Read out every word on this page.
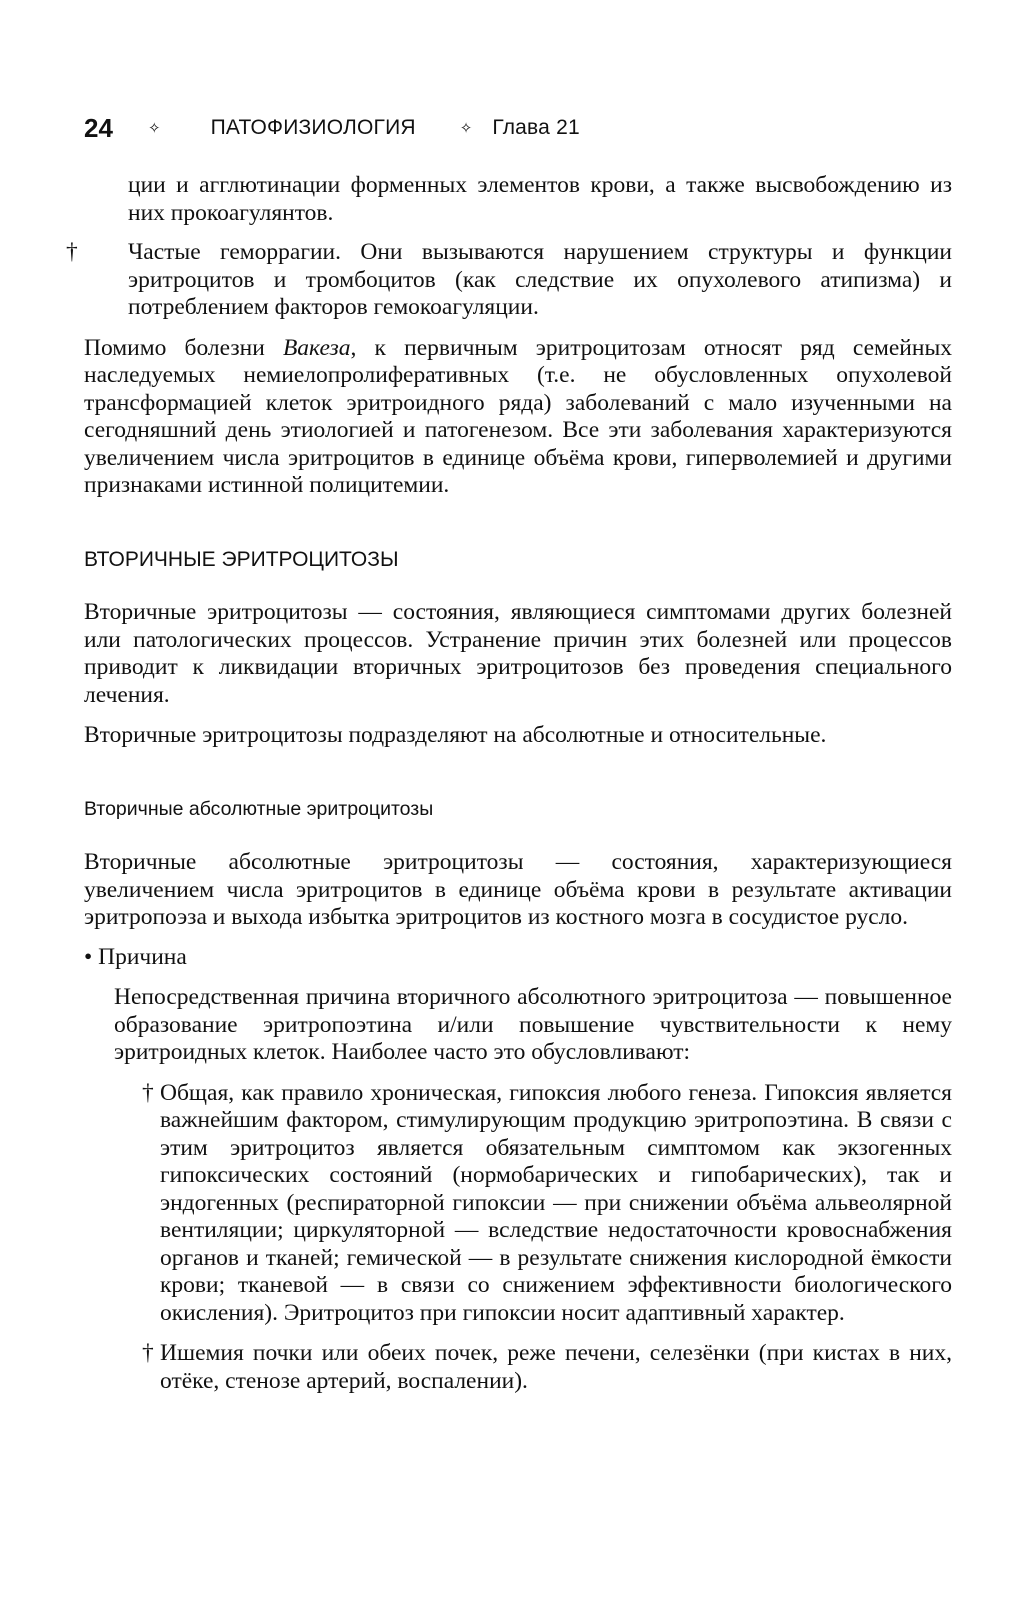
24	✧ ПАТОФИЗИОЛОГИЯ	✧ Глава 21

ции и агглютинации форменных элементов крови, а также высвобождению из них прокоагулянтов.

† Частые геморрагии. Они вызываются нарушением структуры и функции эритроцитов и тромбоцитов (как следствие их опухолевого атипизма) и потреблением факторов гемокоагуляции.

Помимо болезни Вакеза, к первичным эритроцитозам относят ряд семейных наследуемых немиелопролиферативных (т.е. не обусловленных опухолевой трансформацией клеток эритроидного ряда) заболеваний с мало изученными на сегодняшний день этиологией и патогенезом. Все эти заболевания характеризуются увеличением числа эритроцитов в единице объёма крови, гиперволемией и другими признаками истинной полицитемии.

ВТОРИЧНЫЕ ЭРИТРОЦИТОЗЫ

Вторичные эритроцитозы — состояния, являющиеся симптомами других болезней или патологических процессов. Устранение причин этих болезней или процессов приводит к ликвидации вторичных эритроцитозов без проведения специального лечения.

Вторичные эритроцитозы подразделяют на абсолютные и относительные.

Вторичные абсолютные эритроцитозы

Вторичные абсолютные эритроцитозы — состояния, характеризующиеся увеличением числа эритроцитов в единице объёма крови в результате активации эритропоэза и выхода избытка эритроцитов из костного мозга в сосудистое русло.

• Причина

Непосредственная причина вторичного абсолютного эритроцитоза — повышенное образование эритропоэтина и/или повышение чувствительности к нему эритроидных клеток. Наиболее часто это обусловливают:

† Общая, как правило хроническая, гипоксия любого генеза. Гипоксия является важнейшим фактором, стимулирующим продукцию эритропоэтина. В связи с этим эритроцитоз является обязательным симптомом как экзогенных гипоксических состояний (нормобарических и гипобарических), так и эндогенных (респираторной гипоксии — при снижении объёма альвеолярной вентиляции; циркуляторной — вследствие недостаточности кровоснабжения органов и тканей; гемической — в результате снижения кислородной ёмкости крови; тканевой — в связи со снижением эффективности биологического окисления). Эритроцитоз при гипоксии носит адаптивный характер.

† Ишемия почки или обеих почек, реже печени, селезёнки (при кистах в них, отёке, стенозе артерий, воспалении).
